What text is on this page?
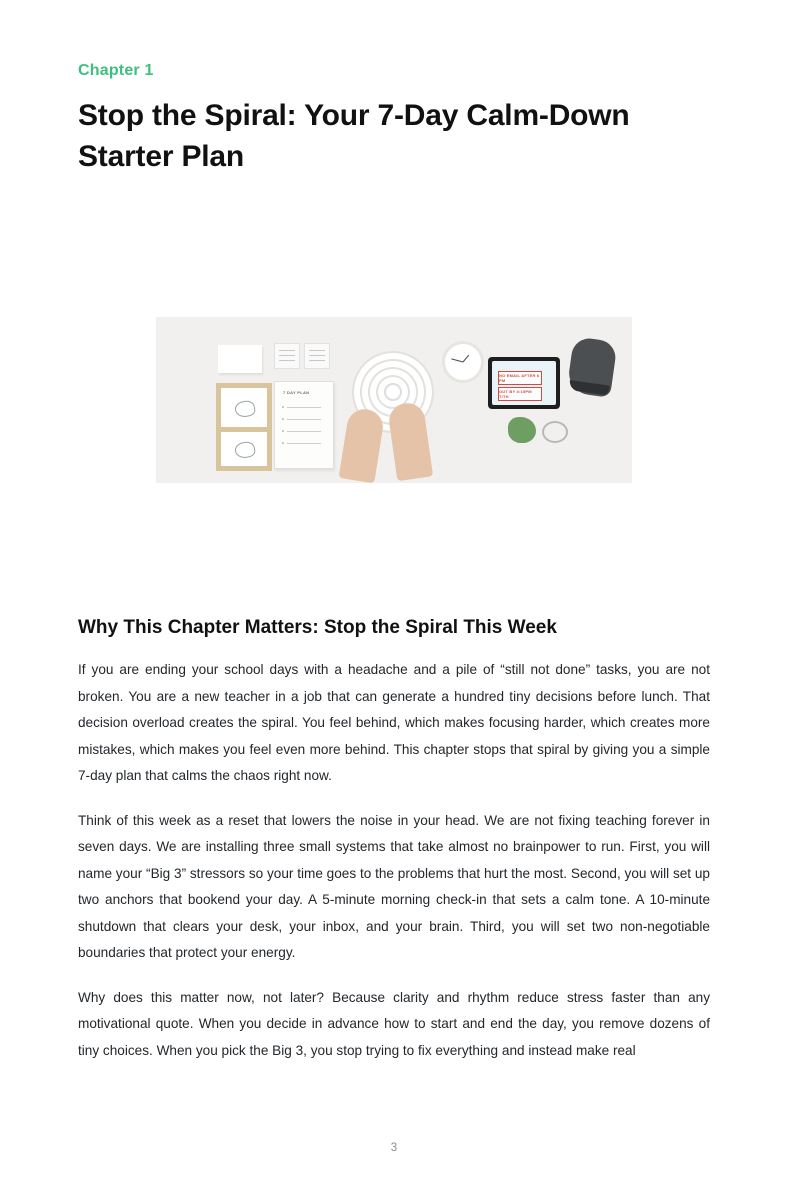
Chapter 1
Stop the Spiral: Your 7-Day Calm-Down Starter Plan
7 DAY PLAN
NO EMAIL AFTER 6 PM
OUT BY 4:15PM T/TH
Why This Chapter Matters: Stop the Spiral This Week

If you are ending your school days with a headache and a pile of “still not done” tasks, you are not broken. You are a new teacher in a job that can generate a hundred tiny decisions before lunch. That decision overload creates the spiral. You feel behind, which makes focusing harder, which creates more mistakes, which makes you feel even more behind. This chapter stops that spiral by giving you a simple 7-day plan that calms the chaos right now.

Think of this week as a reset that lowers the noise in your head. We are not fixing teaching forever in seven days. We are installing three small systems that take almost no brainpower to run. First, you will name your “Big 3” stressors so your time goes to the problems that hurt the most. Second, you will set up two anchors that bookend your day. A 5-minute morning check-in that sets a calm tone. A 10-minute shutdown that clears your desk, your inbox, and your brain. Third, you will set two non-negotiable boundaries that protect your energy.

Why does this matter now, not later? Because clarity and rhythm reduce stress faster than any motivational quote. When you decide in advance how to start and end the day, you remove dozens of tiny choices. When you pick the Big 3, you stop trying to fix everything and instead make real

3
